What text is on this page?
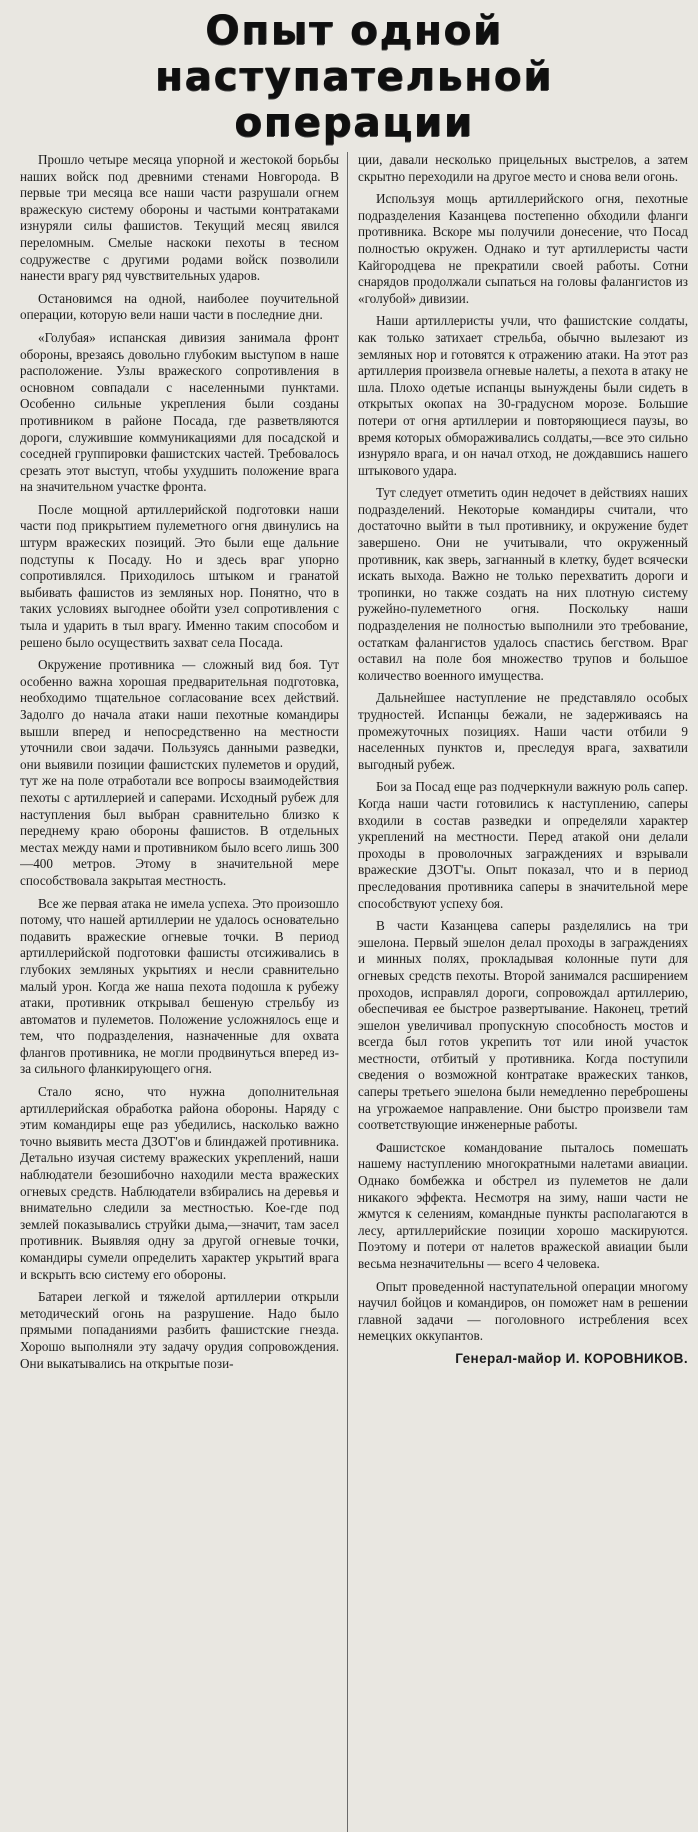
Опыт одной наступательной
операции

Прошло четыре месяца упорной и жестокой борьбы наших войск под древними стенами Новгорода. В первые три месяца все наши части разрушали огнем вражескую систему обороны и частыми контратаками изнуряли силы фашистов. Текущий месяц явился переломным. Смелые наскоки пехоты в тесном содружестве с другими родами войск позволили нанести врагу ряд чувствительных ударов.

Остановимся на одной, наиболее поучительной операции, которую вели наши части в последние дни.

«Голубая» испанская дивизия занимала фронт обороны, врезаясь довольно глубоким выступом в наше расположение. Узлы вражеского сопротивления в основном совпадали с населенными пунктами. Особенно сильные укрепления были созданы противником в районе Посада, где разветвляются дороги, служившие коммуникациями для посадской и соседней группировки фашистских частей. Требовалось срезать этот выступ, чтобы ухудшить положение врага на значительном участке фронта.

После мощной артиллерийской подготовки наши части под прикрытием пулеметного огня двинулись на штурм вражеских позиций. Это были еще дальние подступы к Посаду. Но и здесь враг упорно сопротивлялся. Приходилось штыком и гранатой выбивать фашистов из земляных нор. Понятно, что в таких условиях выгоднее обойти узел сопротивления с тыла и ударить в тыл врагу. Именно таким способом и решено было осуществить захват села Посада.

Окружение противника — сложный вид боя. Тут особенно важна хорошая предварительная подготовка, необходимо тщательное согласование всех действий. Задолго до начала атаки наши пехотные командиры вышли вперед и непосредственно на местности уточнили свои задачи. Пользуясь данными разведки, они выявили позиции фашистских пулеметов и орудий, тут же на поле отработали все вопросы взаимодействия пехоты с артиллерией и саперами. Исходный рубеж для наступления был выбран сравнительно близко к переднему краю обороны фашистов. В отдельных местах между нами и противником было всего лишь 300—400 метров. Этому в значительной мере способствовала закрытая местность.

Все же первая атака не имела успеха. Это произошло потому, что нашей артиллерии не удалось основательно подавить вражеские огневые точки. В период артиллерийской подготовки фашисты отсиживались в глубоких земляных укрытиях и несли сравнительно малый урон. Когда же наша пехота подошла к рубежу атаки, противник открывал бешеную стрельбу из автоматов и пулеметов. Положение усложнялось еще и тем, что подразделения, назначенные для охвата флангов противника, не могли продвинуться вперед из-за сильного фланкирующего огня.

Стало ясно, что нужна дополнительная артиллерийская обработка района обороны. Наряду с этим командиры еще раз убедились, насколько важно точно выявить места ДЗОТ'ов и блиндажей противника. Детально изучая систему вражеских укреплений, наши наблюдатели безошибочно находили места вражеских огневых средств. Наблюдатели взбирались на деревья и внимательно следили за местностью. Кое-где под землей показывались струйки дыма,—значит, там засел противник. Выявляя одну за другой огневые точки, командиры сумели определить характер укрытий врага и вскрыть всю систему его обороны.

Батареи легкой и тяжелой артиллерии открыли методический огонь на разрушение. Надо было прямыми попаданиями разбить фашистские гнезда. Хорошо выполняли эту задачу орудия сопровождения. Они выкатывались на открытые пози-

ции, давали несколько прицельных выстрелов, а затем скрытно переходили на другое место и снова вели огонь.

Используя мощь артиллерийского огня, пехотные подразделения Казанцева постепенно обходили фланги противника. Вскоре мы получили донесение, что Посад полностью окружен. Однако и тут артиллеристы части Кайгородцева не прекратили своей работы. Сотни снарядов продолжали сыпаться на головы фалангистов из «голубой» дивизии.

Наши артиллеристы учли, что фашистские солдаты, как только затихает стрельба, обычно вылезают из земляных нор и готовятся к отражению атаки. На этот раз артиллерия произвела огневые налеты, а пехота в атаку не шла. Плохо одетые испанцы вынуждены были сидеть в открытых окопах на 30-градусном морозе. Большие потери от огня артиллерии и повторяющиеся паузы, во время которых обмораживались солдаты,—все это сильно изнуряло врага, и он начал отход, не дождавшись нашего штыкового удара.

Тут следует отметить один недочет в действиях наших подразделений. Некоторые командиры считали, что достаточно выйти в тыл противнику, и окружение будет завершено. Они не учитывали, что окруженный противник, как зверь, загнанный в клетку, будет всячески искать выхода. Важно не только перехватить дороги и тропинки, но также создать на них плотную систему ружейно-пулеметного огня. Поскольку наши подразделения не полностью выполнили это требование, остаткам фалангистов удалось спастись бегством. Враг оставил на поле боя множество трупов и большое количество военного имущества.

Дальнейшее наступление не представляло особых трудностей. Испанцы бежали, не задерживаясь на промежуточных позициях. Наши части отбили 9 населенных пунктов и, преследуя врага, захватили выгодный рубеж.

Бои за Посад еще раз подчеркнули важную роль сапер. Когда наши части готовились к наступлению, саперы входили в состав разведки и определяли характер укреплений на местности. Перед атакой они делали проходы в проволочных заграждениях и взрывали вражеские ДЗОТ'ы. Опыт показал, что и в период преследования противника саперы в значительной мере способствуют успеху боя.

В части Казанцева саперы разделялись на три эшелона. Первый эшелон делал проходы в заграждениях и минных полях, прокладывая колонные пути для огневых средств пехоты. Второй занимался расширением проходов, исправлял дороги, сопровождал артиллерию, обеспечивая ее быстрое развертывание. Наконец, третий эшелон увеличивал пропускную способность мостов и всегда был готов укрепить тот или иной участок местности, отбитый у противника. Когда поступили сведения о возможной контратаке вражеских танков, саперы третьего эшелона были немедленно переброшены на угрожаемое направление. Они быстро произвели там соответствующие инженерные работы.

Фашистское командование пыталось помешать нашему наступлению многократными налетами авиации. Однако бомбежка и обстрел из пулеметов не дали никакого эффекта. Несмотря на зиму, наши части не жмутся к селениям, командные пункты располагаются в лесу, артиллерийские позиции хорошо маскируются. Поэтому и потери от налетов вражеской авиации были весьма незначительны — всего 4 человека.

Опыт проведенной наступательной операции многому научил бойцов и командиров, он поможет нам в решении главной задачи — поголовного истребления всех немецких оккупантов.

Генерал-майор И. КОРОВНИКОВ.
